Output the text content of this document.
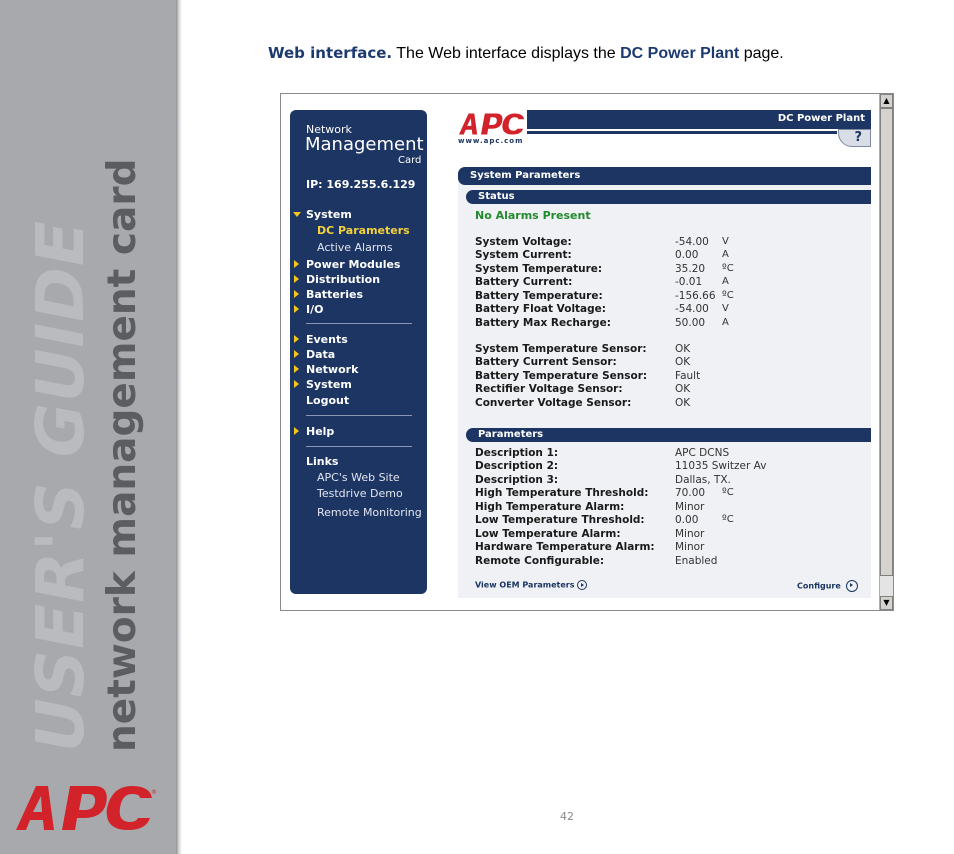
USER'S GUIDE network management card
®
Web interface. The Web interface displays the DC Power Plant page.
Network
Management
Card
IP: 169.255.6.129
System
DC Parameters
Active Alarms
Power Modules
Distribution
Batteries
I/O
Events
Data
Network
System
Logout
Help
Links
APC's Web Site
Testdrive Demo
Remote Monitoring
www.apc.com
DC Power Plant
?
System Parameters
Status
No Alarms Present
System Voltage:	-54.00 V
System Current:	0.00 A
System Temperature:	35.20 ºC
Battery Current:	-0.01 A
Battery Temperature:	-156.66 ºC
Battery Float Voltage:	-54.00 V
Battery Max Recharge:	50.00 A
System Temperature Sensor:	OK
Battery Current Sensor:	OK
Battery Temperature Sensor:	Fault
Rectifier Voltage Sensor:	OK
Converter Voltage Sensor:	OK
Parameters
Description 1:	APC DCNS
Description 2:	11035 Switzer Av
Description 3:	Dallas, TX.
High Temperature Threshold:	70.00 ºC
High Temperature Alarm:	Minor
Low Temperature Threshold:	0.00 ºC
Low Temperature Alarm:	Minor
Hardware Temperature Alarm: Minor
Remote Configurable:	Enabled
View OEM Parameters	Configure
▲
▼
42
